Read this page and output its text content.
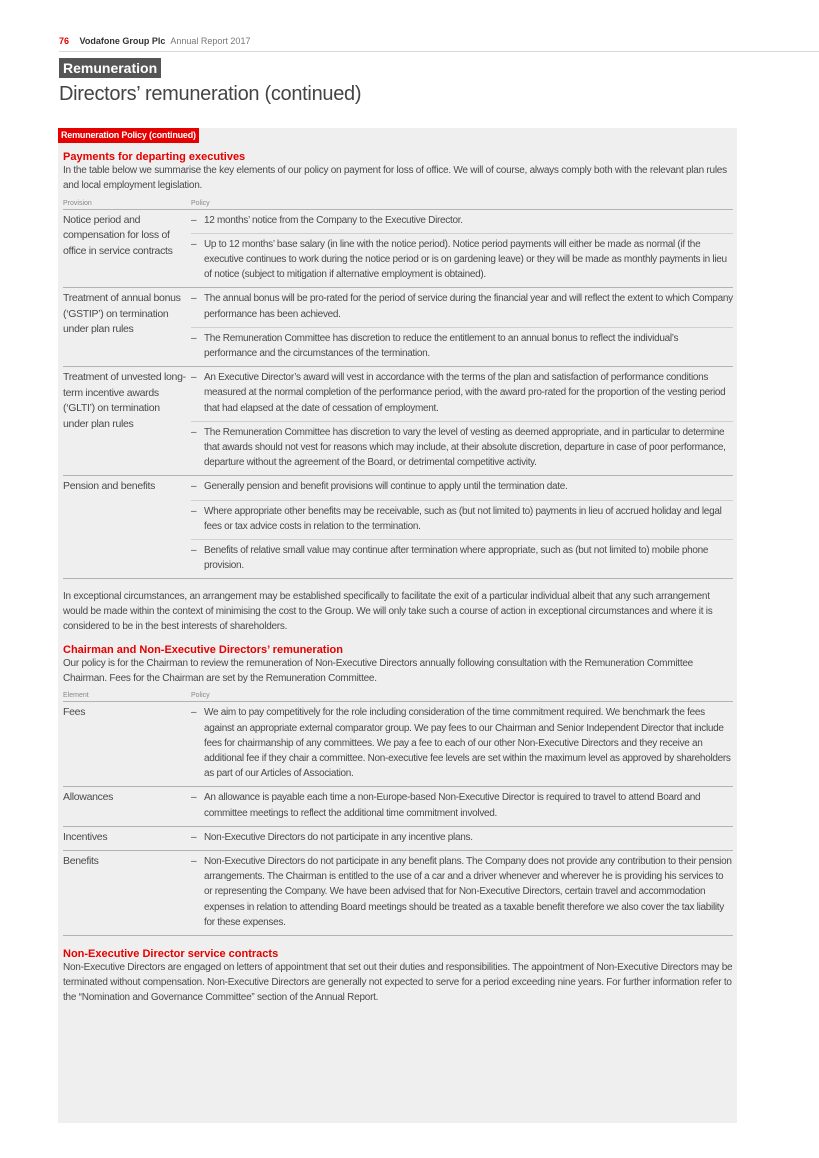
76 Vodafone Group Plc Annual Report 2017
Remuneration
Directors’ remuneration (continued)
Remuneration Policy (continued)
Payments for departing executives

In the table below we summarise the key elements of our policy on payment for loss of office. We will of course, always comply both with the relevant plan rules and local employment legislation.

Provision	Policy
Notice period and compensation for loss of office in service contracts
– 12 months’ notice from the Company to the Executive Director.
– Up to 12 months’ base salary (in line with the notice period). Notice period payments will either be made as normal (if the executive continues to work during the notice period or is on gardening leave) or they will be made as monthly payments in lieu of notice (subject to mitigation if alternative employment is obtained).
Treatment of annual bonus (‘GSTIP’) on termination under plan rules
– The annual bonus will be pro-rated for the period of service during the financial year and will reflect the extent to which Company performance has been achieved.
– The Remuneration Committee has discretion to reduce the entitlement to an annual bonus to reflect the individual’s performance and the circumstances of the termination.
Treatment of unvested long-term incentive awards (‘GLTI’) on termination under plan rules
– An Executive Director’s award will vest in accordance with the terms of the plan and satisfaction of performance conditions measured at the normal completion of the performance period, with the award pro-rated for the proportion of the vesting period that had elapsed at the date of cessation of employment.
– The Remuneration Committee has discretion to vary the level of vesting as deemed appropriate, and in particular to determine that awards should not vest for reasons which may include, at their absolute discretion, departure in case of poor performance, departure without the agreement of the Board, or detrimental competitive activity.
Pension and benefits	– Generally pension and benefit provisions will continue to apply until the termination date.
– Where appropriate other benefits may be receivable, such as (but not limited to) payments in lieu of accrued holiday and legal fees or tax advice costs in relation to the termination.
– Benefits of relative small value may continue after termination where appropriate, such as (but not limited to) mobile phone provision.

In exceptional circumstances, an arrangement may be established specifically to facilitate the exit of a particular individual albeit that any such arrangement would be made within the context of minimising the cost to the Group. We will only take such a course of action in exceptional circumstances and where it is considered to be in the best interests of shareholders.

Chairman and Non-Executive Directors’ remuneration

Our policy is for the Chairman to review the remuneration of Non-Executive Directors annually following consultation with the Remuneration Committee Chairman. Fees for the Chairman are set by the Remuneration Committee.

Element	Policy
Fees	– We aim to pay competitively for the role including consideration of the time commitment required. We benchmark the fees against an appropriate external comparator group. We pay fees to our Chairman and Senior Independent Director that include fees for chairmanship of any committees. We pay a fee to each of our other Non-Executive Directors and they receive an additional fee if they chair a committee. Non-executive fee levels are set within the maximum level as approved by shareholders as part of our Articles of Association.
Allowances	– An allowance is payable each time a non-Europe-based Non-Executive Director is required to travel to attend Board and committee meetings to reflect the additional time commitment involved.
Incentives	– Non-Executive Directors do not participate in any incentive plans.
Benefits	– Non-Executive Directors do not participate in any benefit plans. The Company does not provide any contribution to their pension arrangements. The Chairman is entitled to the use of a car and a driver whenever and wherever he is providing his services to or representing the Company. We have been advised that for Non-Executive Directors, certain travel and accommodation expenses in relation to attending Board meetings should be treated as a taxable benefit therefore we also cover the tax liability for these expenses.
Non-Executive Director service contracts

Non-Executive Directors are engaged on letters of appointment that set out their duties and responsibilities. The appointment of Non-Executive Directors may be terminated without compensation. Non-Executive Directors are generally not expected to serve for a period exceeding nine years. For further information refer to the “Nomination and Governance Committee” section of the Annual Report.
